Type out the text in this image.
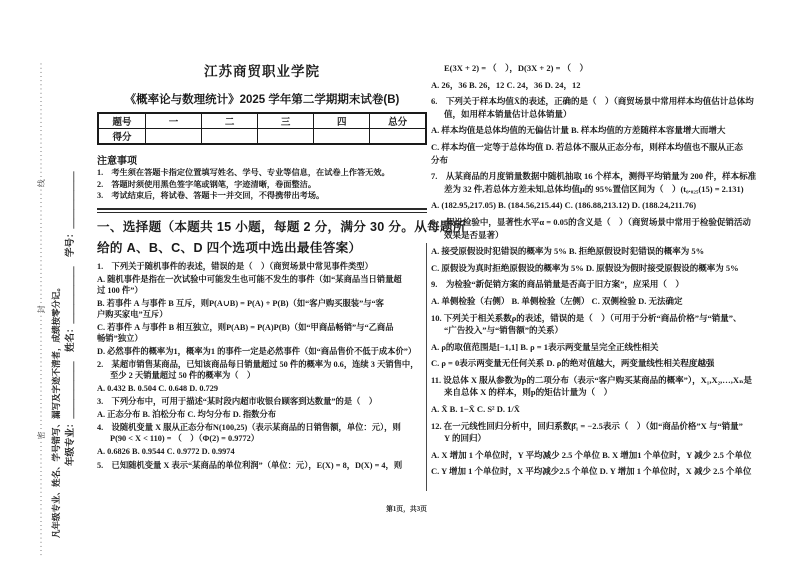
····························密····························封····························线···························· 凡年级专业、姓名、学号错写、漏写及字迹不清者，成绩按零分记。 年级专业：＿＿＿＿＿＿　姓名：＿＿＿＿＿＿　学号：＿＿＿＿＿＿
江苏商贸职业学院
《概率论与数理统计》2025 学年第二学期期末试卷(B)
题号	一	二	三	四	总分
得分					
注意事项
1.　考生须在答题卡指定位置填写姓名、学号、专业等信息，在试卷上作答无效。
2.　答题时须使用黑色签字笔或钢笔，字迹清晰，卷面整洁。
3.　考试结束后，将试卷、答题卡一并交回，不得携带出考场。
一、选择题（本题共 15 小题，每题 2 分，满分 30 分。从每题所
给的 A、B、C、D 四个选项中选出最佳答案）
1.　下列关于随机事件的表述，错误的是（　）（商贸场景中常见事件类型）
A. 随机事件是指在一次试验中可能发生也可能不发生的事件（如“某商品当日销量超
过 100 件”）
B. 若事件 A 与事件 B 互斥，则P(A∪B) = P(A) + P(B)（如“客户购买服装”与“客
户购买家电”互斥）
C. 若事件 A 与事件 B 相互独立，则P(AB) = P(A)P(B)（如“甲商品畅销”与“乙商品
畅销”独立）
D. 必然事件的概率为1，概率为1 的事件一定是必然事件（如“商品售价不低于成本价”）
2.　某超市销售某商品，已知该商品每日销量超过 50 件的概率为 0.6，连续 3 天销售中，
至少 2 天销量超过 50 件的概率为（　）
A. 0.432 B. 0.504 C. 0.648 D. 0.729
3.　下列分布中，可用于描述“某时段内超市收银台顾客到达数量”的是（　）
A. 正态分布 B. 泊松分布 C. 均匀分布 D. 指数分布
4.　设随机变量 X 服从正态分布N(100,25)（表示某商品的日销售额，单位：元），则
P(90 < X < 110) = （　）（Φ(2) = 0.9772）
A. 0.6826 B. 0.9544 C. 0.9772 D. 0.9974
5.　已知随机变量 X 表示“某商品的单位利润”（单位：元），E(X) = 8，D(X) = 4，则
E(3X + 2) = （　），D(3X + 2) = （　）
A. 26，36 B. 26，12 C. 24，36 D. 24，12
6.　下列关于样本均值X̄的表述，正确的是（　）（商贸场景中常用样本均值估计总体均
值，如用样本销量估计总体销量）
A. 样本均值是总体均值的无偏估计量 B. 样本均值的方差随样本容量增大而增大
C. 样本均值一定等于总体均值 D. 若总体不服从正态分布，则样本均值也不服从正态
分布
7.　从某商品的月度销量数据中随机抽取 16 个样本，测得平均销量为 200 件，样本标准
差为 32 件,若总体方差未知,总体均值μ的 95%置信区间为（　）(t₀.₀₂₅(15) = 2.131)
A. (182.95,217.05) B. (184.56,215.44) C. (186.88,213.12) D. (188.24,211.76)
8.　假设检验中，显著性水平α = 0.05的含义是（　）（商贸场景中常用于检验促销活动
效果是否显著）
A. 接受原假设时犯错误的概率为 5% B. 拒绝原假设时犯错误的概率为 5%
C. 原假设为真时拒绝原假设的概率为 5% D. 原假设为假时接受原假设的概率为 5%
9.　为检验“新促销方案的商品销量是否高于旧方案”，应采用（　）
A. 单侧检验（右侧） B. 单侧检验（左侧） C. 双侧检验 D. 无法确定
10. 下列关于相关系数ρ的表述，错误的是（　）（可用于分析“商品价格”与“销量”、
“广告投入”与“销售额”的关系）
A. ρ的取值范围是[−1,1] B. ρ = 1表示两变量呈完全正线性相关
C. ρ = 0表示两变量无任何关系 D. ρ的绝对值越大，两变量线性相关程度越强
11. 设总体 X 服从参数为p的二项分布（表示“客户购买某商品的概率”），X₁,X₂,…,Xₙ是
来自总体 X 的样本，则p的矩估计量为（　）
A. X̄ B. 1−X̄ C. S² D. 1/X̄
12. 在一元线性回归分析中，回归系数β̂₁ = −2.5表示（　）（如“商品价格”X 与“销量”
Y 的回归）
A. X 增加 1 个单位时，Y 平均减少 2.5 个单位 B. X 增加1 个单位时，Y 减少 2.5 个单位
C. Y 增加 1 个单位时，X 平均减少2.5 个单位 D. Y 增加 1 个单位时，X 减少 2.5 个单位
第1页，共3页
